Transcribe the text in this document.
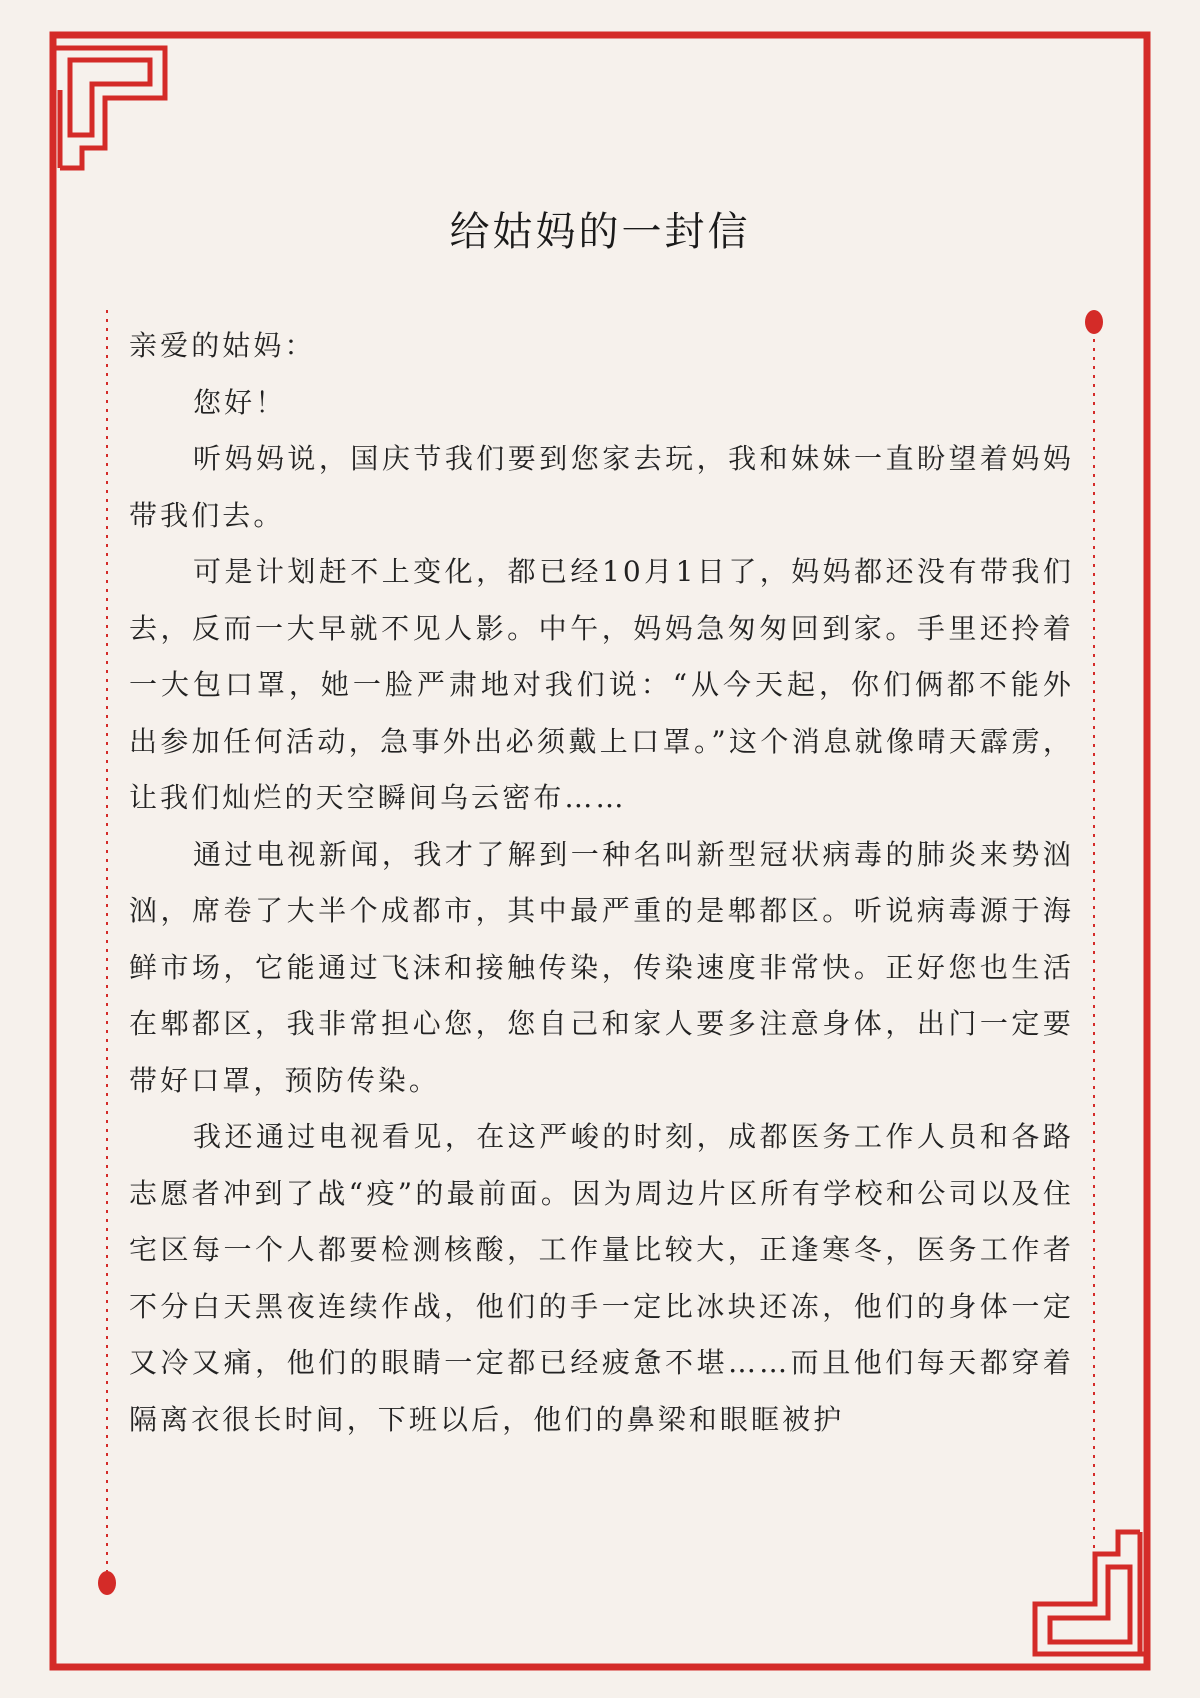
给姑妈的一封信

亲爱的姑妈：

您好！

听妈妈说，国庆节我们要到您家去玩，我和妹妹一直盼望着妈妈带我们去。

可是计划赶不上变化，都已经10月1日了，妈妈都还没有带我们去，反而一大早就不见人影。中午，妈妈急匆匆回到家。手里还拎着一大包口罩，她一脸严肃地对我们说：“从今天起，你们俩都不能外出参加任何活动，急事外出必须戴上口罩。”这个消息就像晴天霹雳，让我们灿烂的天空瞬间乌云密布……

通过电视新闻，我才了解到一种名叫新型冠状病毒的肺炎来势汹汹，席卷了大半个成都市，其中最严重的是郫都区。听说病毒源于海鲜市场，它能通过飞沫和接触传染，传染速度非常快。正好您也生活在郫都区，我非常担心您，您自己和家人要多注意身体，出门一定要带好口罩，预防传染。

我还通过电视看见，在这严峻的时刻，成都医务工作人员和各路志愿者冲到了战“疫”的最前面。因为周边片区所有学校和公司以及住宅区每一个人都要检测核酸，工作量比较大，正逢寒冬，医务工作者不分白天黑夜连续作战，他们的手一定比冰块还冻，他们的身体一定又冷又痛，他们的眼睛一定都已经疲惫不堪……而且他们每天都穿着隔离衣很长时间，下班以后，他们的鼻梁和眼眶被护
